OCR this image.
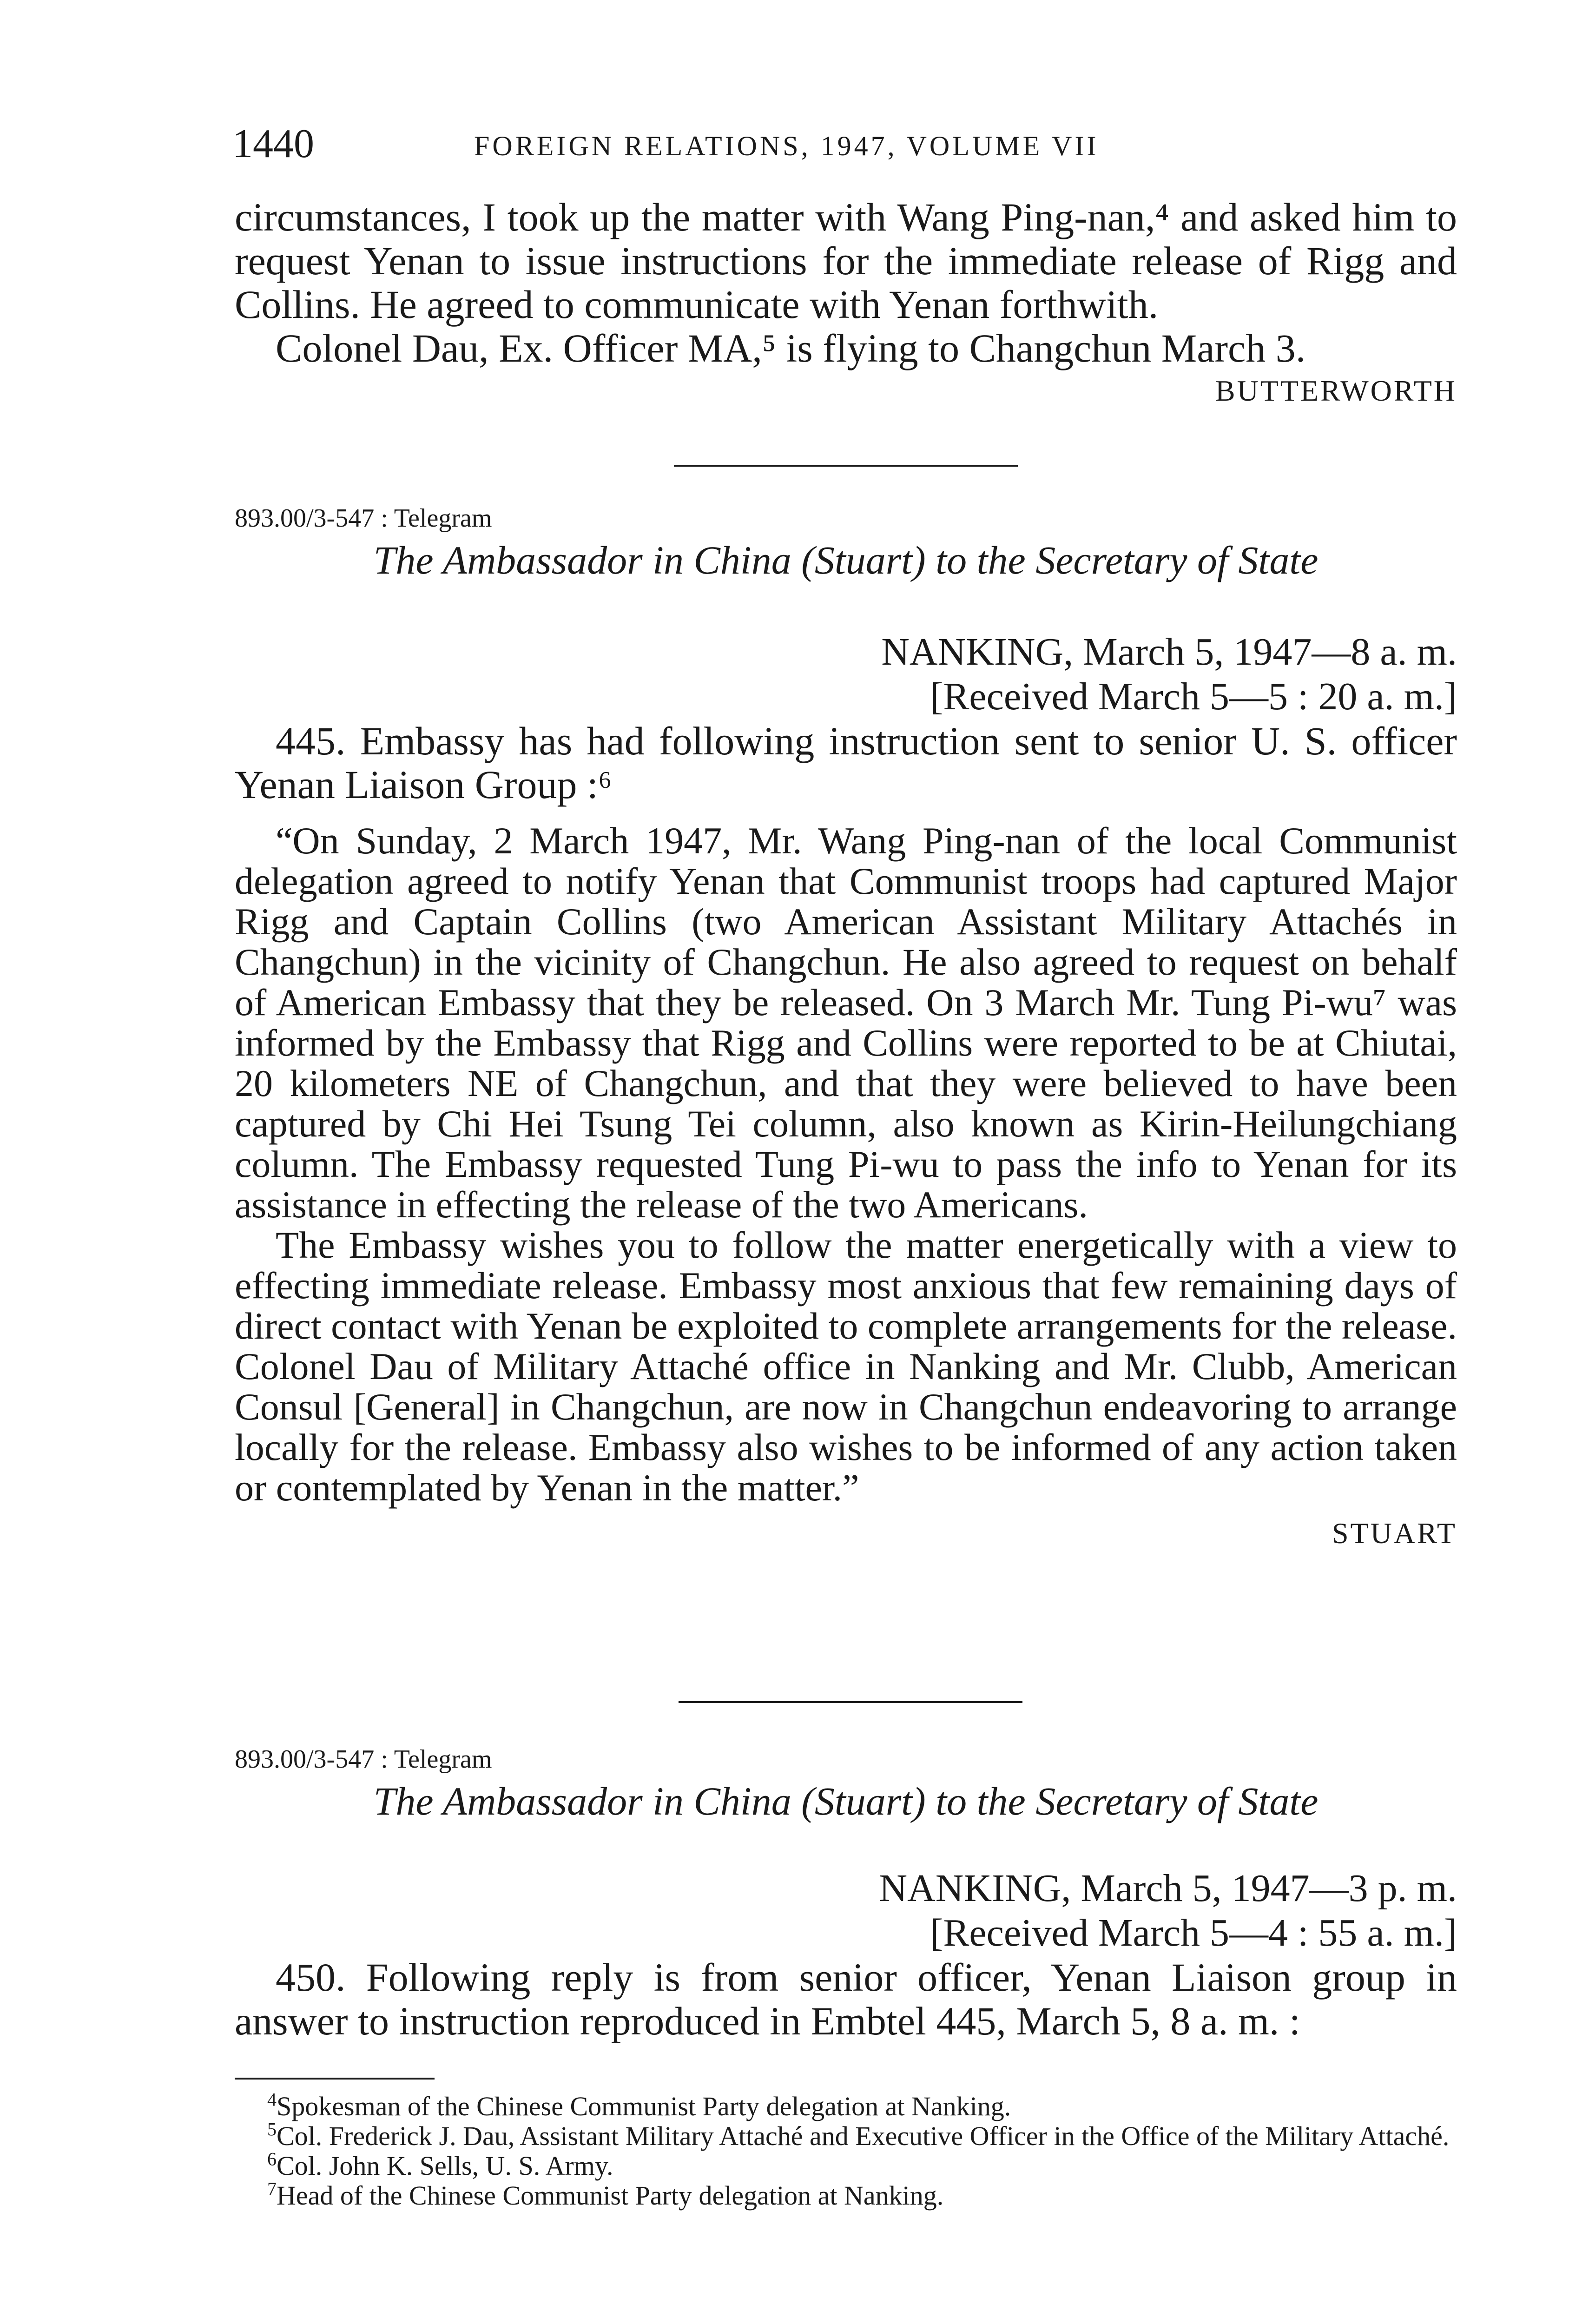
1440	FOREIGN RELATIONS, 1947, VOLUME VII

circumstances, I took up the matter with Wang Ping-nan,⁴ and asked him to request Yenan to issue instructions for the immediate release of Rigg and Collins. He agreed to communicate with Yenan forthwith.

Colonel Dau, Ex. Officer MA,⁵ is flying to Changchun March 3.

BUTTERWORTH

893.00/3-547 : Telegram

The Ambassador in China (Stuart) to the Secretary of State

NANKING, March 5, 1947—8 a. m.

[Received March 5—5 : 20 a. m.]

445. Embassy has had following instruction sent to senior U. S. officer Yenan Liaison Group :⁶

“On Sunday, 2 March 1947, Mr. Wang Ping-nan of the local Communist delegation agreed to notify Yenan that Communist troops had captured Major Rigg and Captain Collins (two American Assistant Military Attachés in Changchun) in the vicinity of Changchun. He also agreed to request on behalf of American Embassy that they be released. On 3 March Mr. Tung Pi-wu⁷ was informed by the Embassy that Rigg and Collins were reported to be at Chiutai, 20 kilometers NE of Changchun, and that they were believed to have been captured by Chi Hei Tsung Tei column, also known as Kirin-Heilungchiang column. The Embassy requested Tung Pi-wu to pass the info to Yenan for its assistance in effecting the release of the two Americans.

The Embassy wishes you to follow the matter energetically with a view to effecting immediate release. Embassy most anxious that few remaining days of direct contact with Yenan be exploited to complete arrangements for the release. Colonel Dau of Military Attaché office in Nanking and Mr. Clubb, American Consul [General] in Changchun, are now in Changchun endeavoring to arrange locally for the release. Embassy also wishes to be informed of any action taken or contemplated by Yenan in the matter.”

STUART

893.00/3-547 : Telegram

The Ambassador in China (Stuart) to the Secretary of State

NANKING, March 5, 1947—3 p. m.

[Received March 5—4 : 55 a. m.]

450. Following reply is from senior officer, Yenan Liaison group in answer to instruction reproduced in Embtel 445, March 5, 8 a. m. :

$^4$Spokesman of the Chinese Communist Party delegation at Nanking.

$^5$Col. Frederick J. Dau, Assistant Military Attaché and Executive Officer in the Office of the Military Attaché.

$^6$Col. John K. Sells, U. S. Army.

$^7$Head of the Chinese Communist Party delegation at Nanking.
